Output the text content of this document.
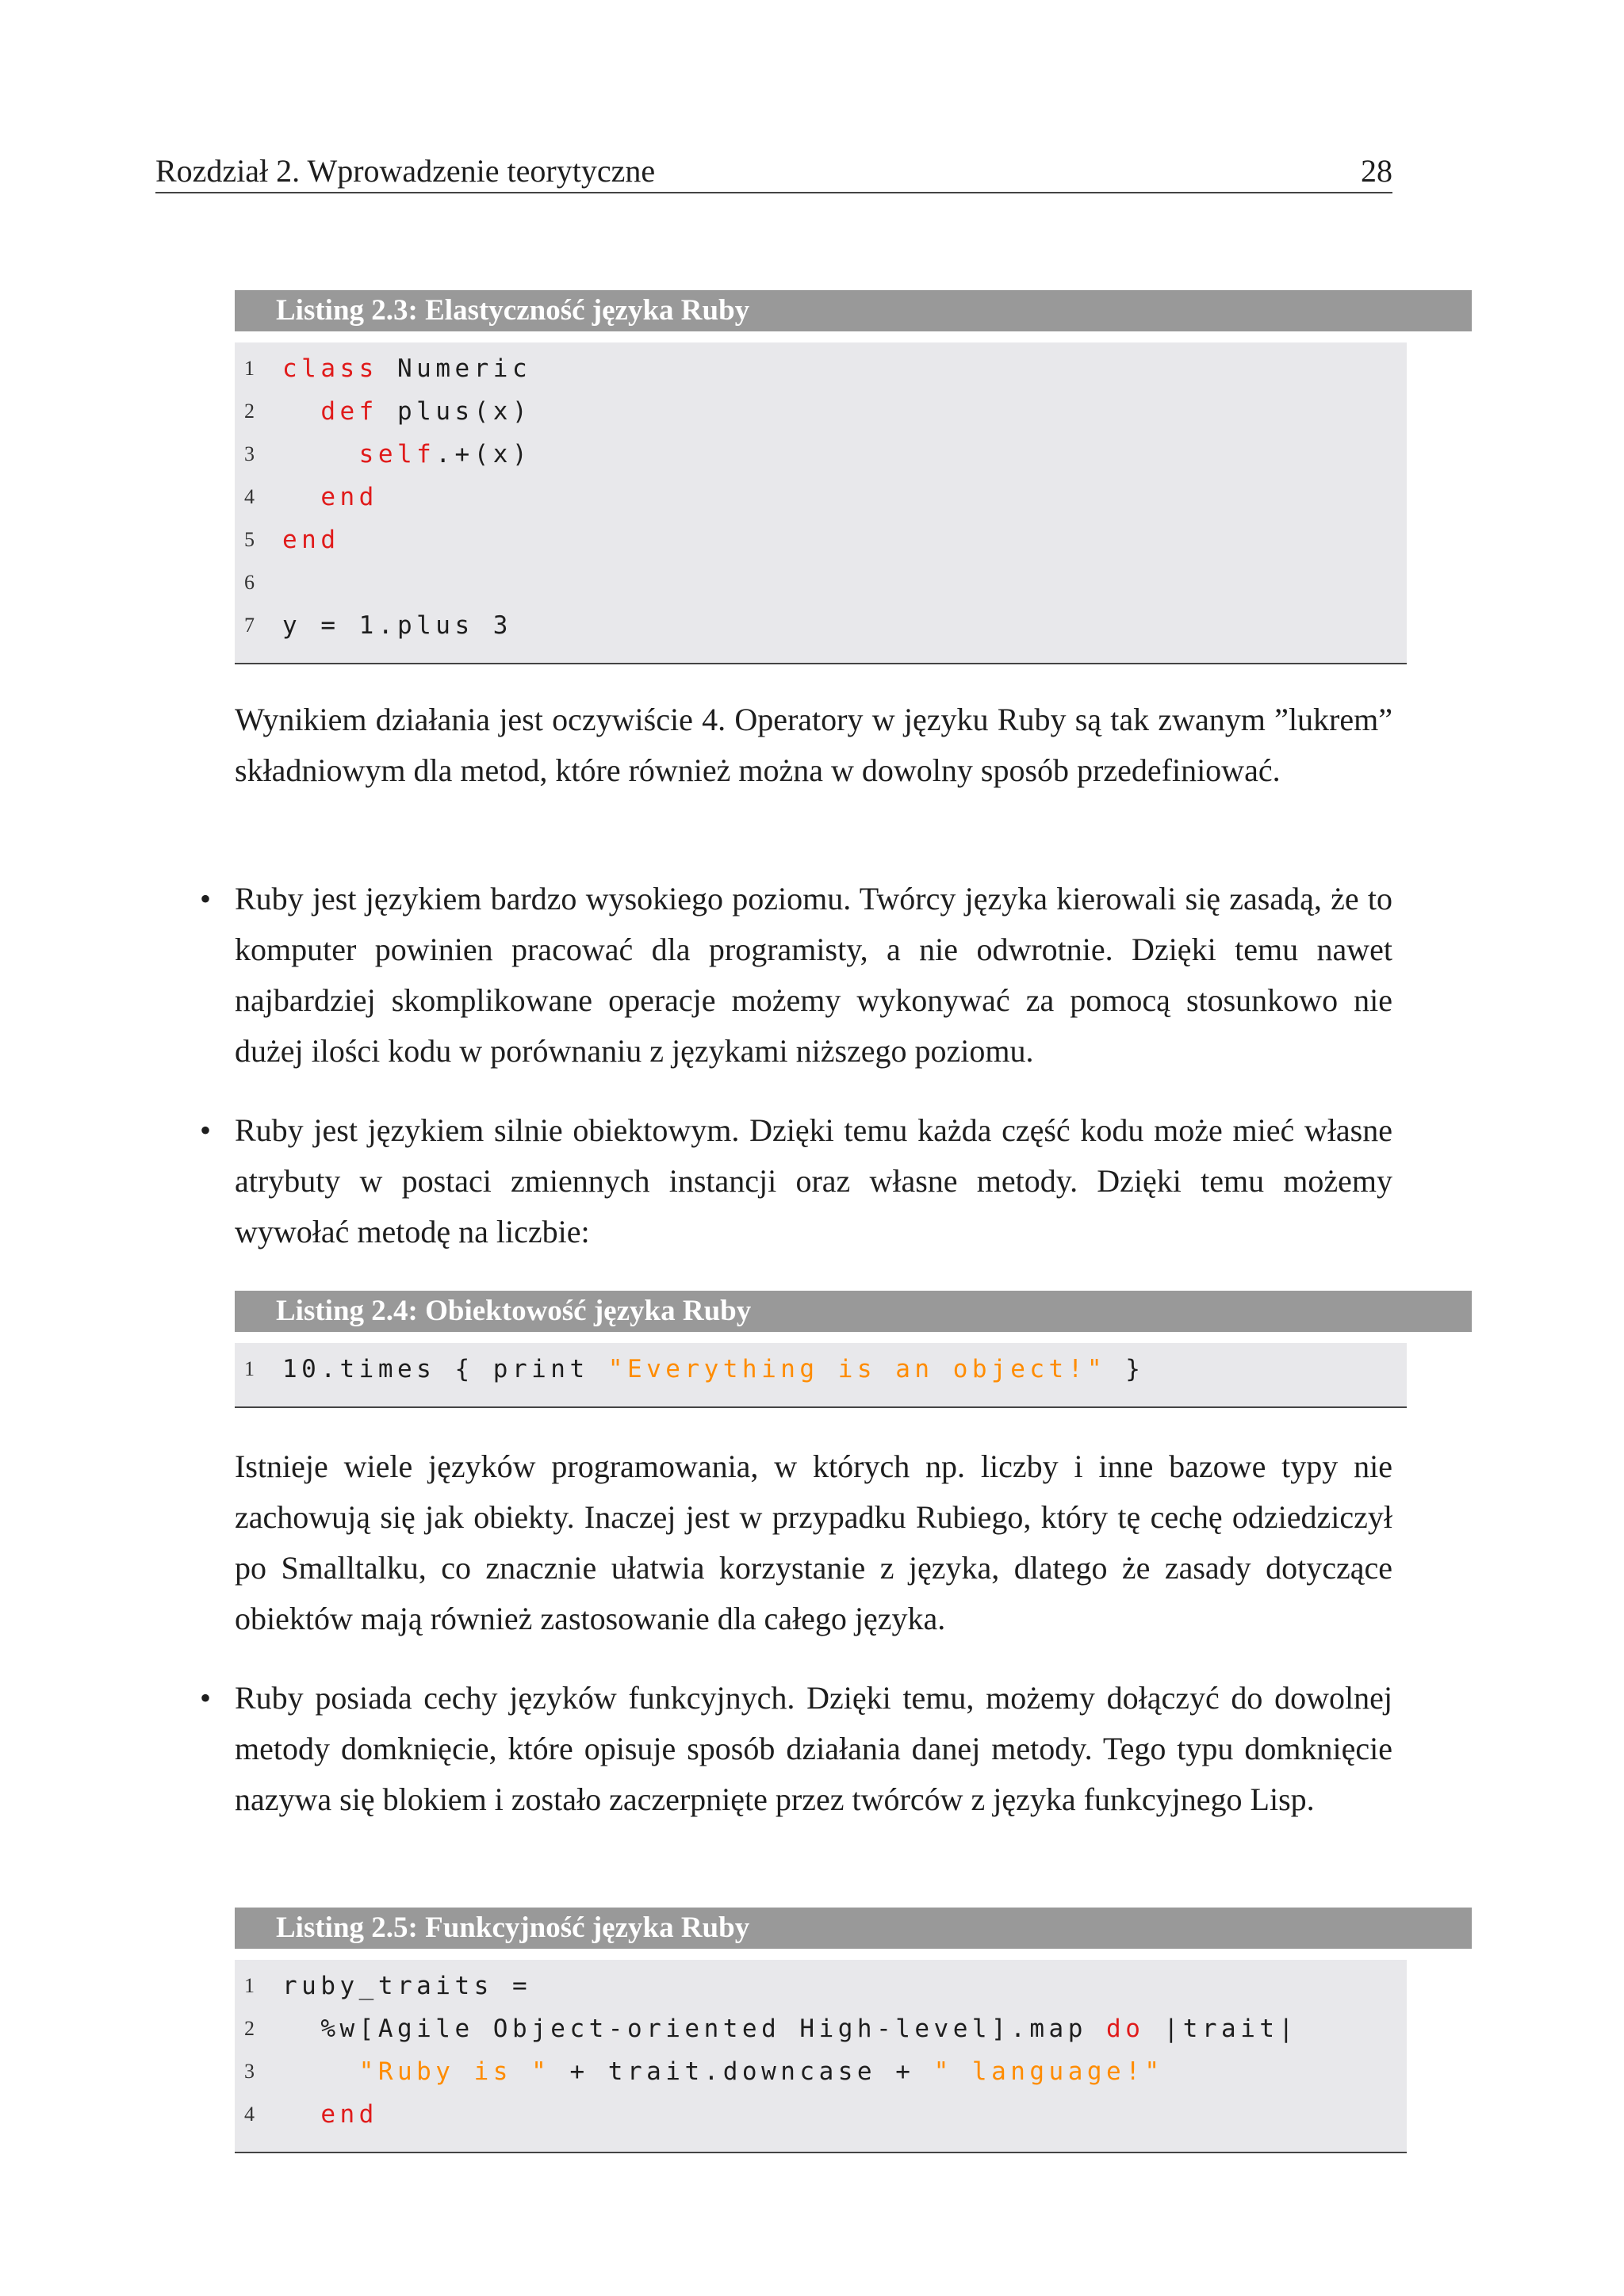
Rozdział 2. Wprowadzenie teorytyczne	28
Listing 2.3: Elastyczność języka Ruby
1	class Numeric
2	def plus(x)
3	self.+(x)
4	end
5	end
6
7	y = 1.plus 3

Wynikiem działania jest oczywiście 4. Operatory w języku Ruby są tak zwanym ”lukrem” składniowym dla metod, które również można w dowolny sposób przedefiniować.

• Ruby jest językiem bardzo wysokiego poziomu. Twórcy języka kierowali się zasadą, że to komputer powinien pracować dla programisty, a nie odwrotnie. Dzięki temu nawet najbardziej skomplikowane operacje możemy wykonywać za pomocą stosunkowo nie dużej ilości kodu w porównaniu z językami niższego poziomu.

• Ruby jest językiem silnie obiektowym. Dzięki temu każda część kodu może mieć własne atrybuty w postaci zmiennych instancji oraz własne metody. Dzięki temu możemy wywołać metodę na liczbie:

Listing 2.4: Obiektowość języka Ruby
1	10.times { print "Everything is an object!" }

Istnieje wiele języków programowania, w których np. liczby i inne bazowe typy nie zachowują się jak obiekty. Inaczej jest w przypadku Rubiego, który tę cechę odziedziczył po Smalltalku, co znacznie ułatwia korzystanie z języka, dlatego że zasady dotyczące obiektów mają również zastosowanie dla całego języka.

• Ruby posiada cechy języków funkcyjnych. Dzięki temu, możemy dołączyć do dowolnej metody domknięcie, które opisuje sposób działania danej metody. Tego typu domknięcie nazywa się blokiem i zostało zaczerpnięte przez twórców z języka funkcyjnego Lisp.

Listing 2.5: Funkcyjność języka Ruby
1	ruby_traits =
2	%w[Agile Object-oriented High-level].map do |trait|
3	"Ruby is " + trait.downcase + " language!"
4	end
